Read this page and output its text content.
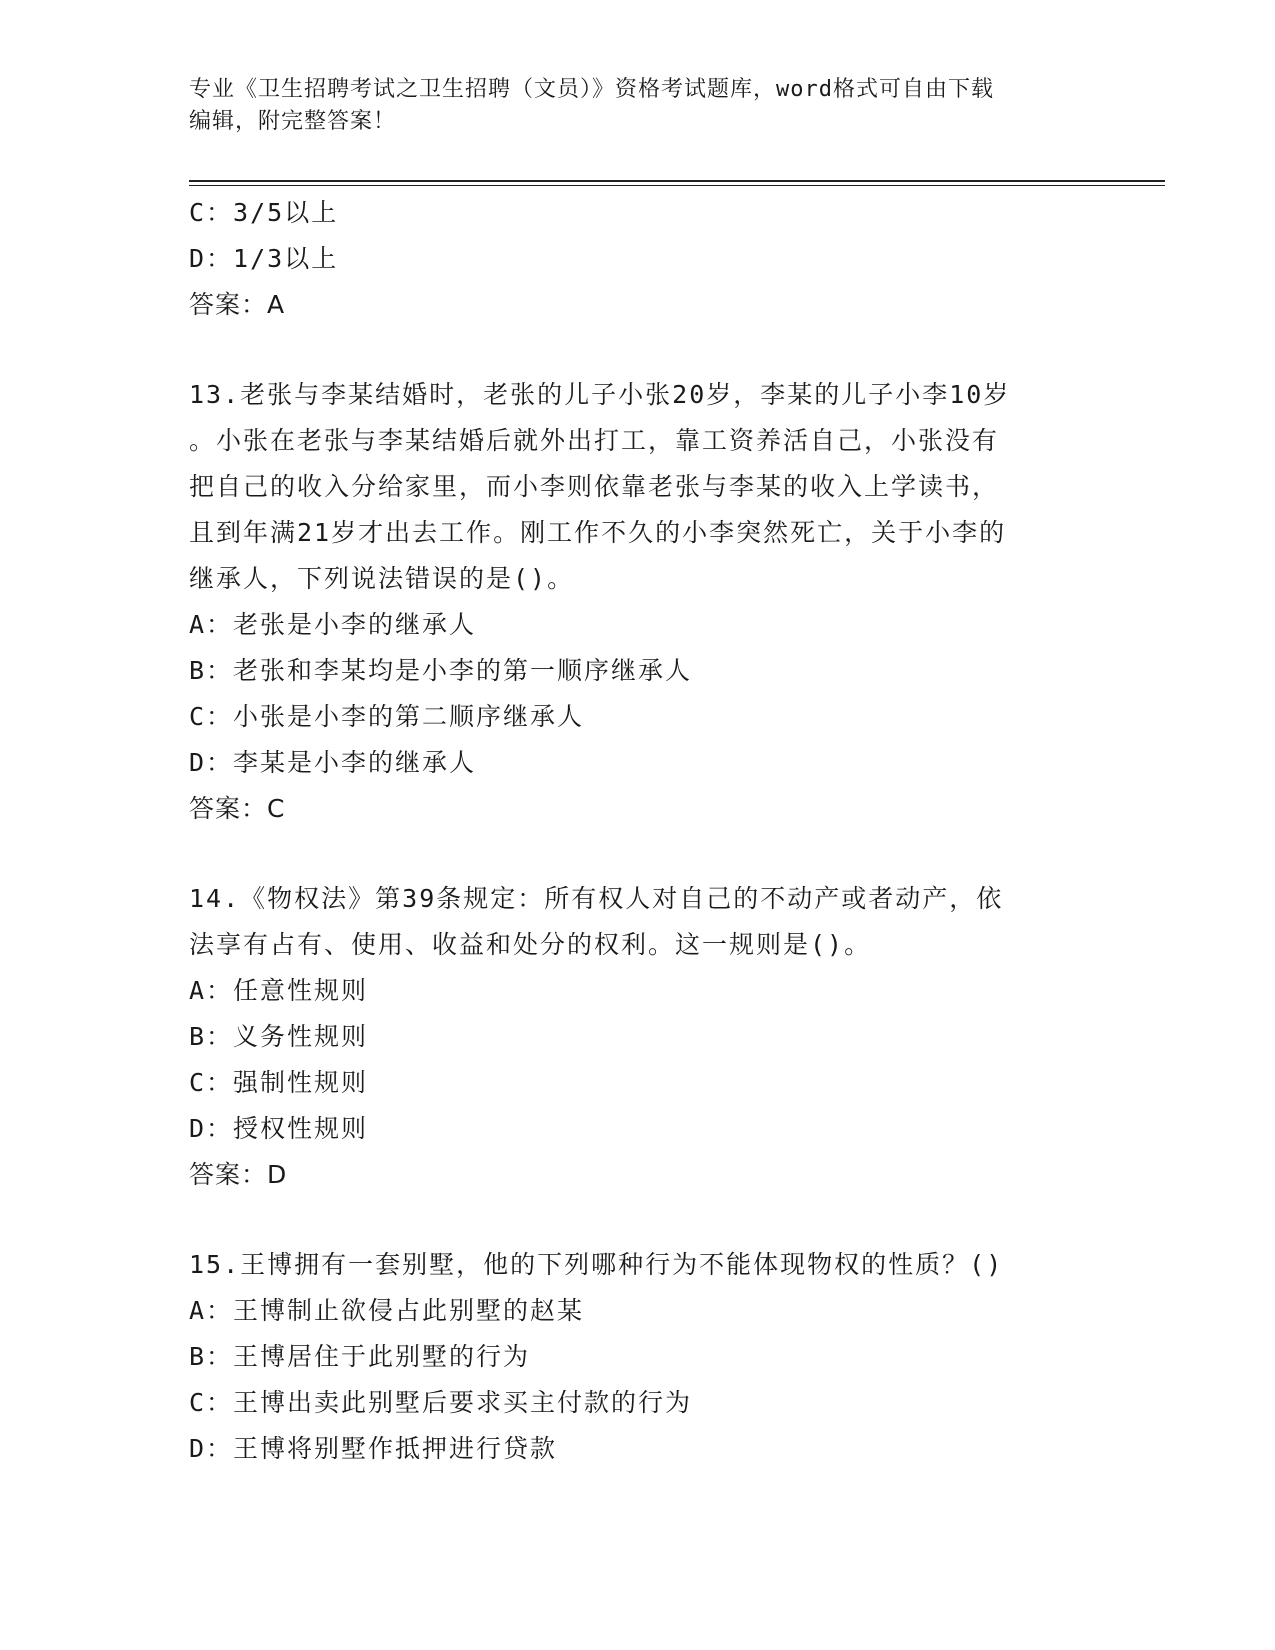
专业《卫生招聘考试之卫生招聘（文员）》资格考试题库，word格式可自由下载
编辑，附完整答案！
C：3/5以上
D：1/3以上
答案：A
13.老张与李某结婚时，老张的儿子小张20岁，李某的儿子小李10岁
。小张在老张与李某结婚后就外出打工，靠工资养活自己，小张没有
把自己的收入分给家里，而小李则依靠老张与李某的收入上学读书，
且到年满21岁才出去工作。刚工作不久的小李突然死亡，关于小李的
继承人，下列说法错误的是()。
A：老张是小李的继承人
B：老张和李某均是小李的第一顺序继承人
C：小张是小李的第二顺序继承人
D：李某是小李的继承人
答案：C
14.《物权法》第39条规定：所有权人对自己的不动产或者动产，依
法享有占有、使用、收益和处分的权利。这一规则是()。
A：任意性规则
B：义务性规则
C：强制性规则
D：授权性规则
答案：D
15.王博拥有一套别墅，他的下列哪种行为不能体现物权的性质？()
A：王博制止欲侵占此别墅的赵某
B：王博居住于此别墅的行为
C：王博出卖此别墅后要求买主付款的行为
D：王博将别墅作抵押进行贷款
